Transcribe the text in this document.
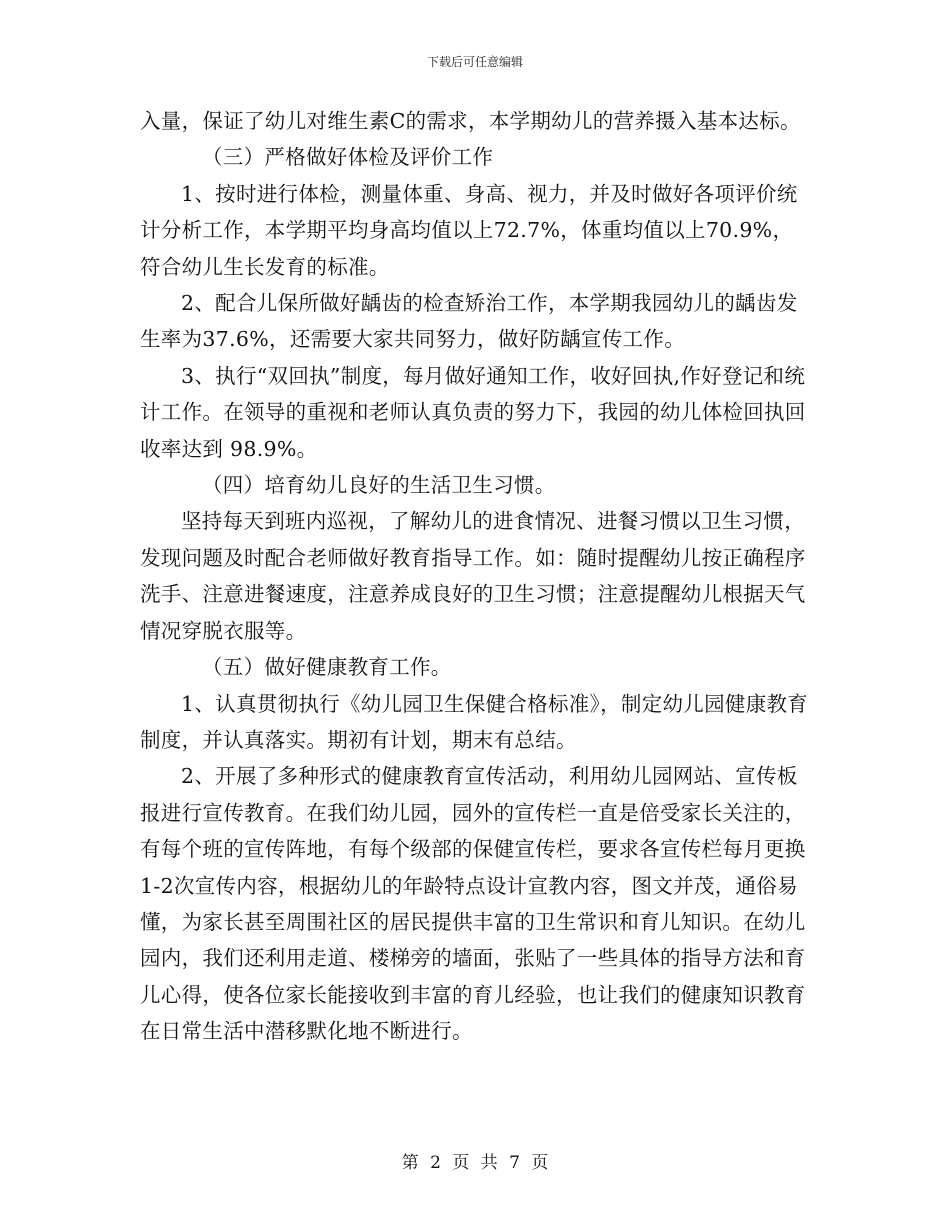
下载后可任意编辑

入量，保证了幼儿对维生素C的需求，本学期幼儿的营养摄入基本达标。

（三）严格做好体检及评价工作

1、按时进行体检，测量体重、身高、视力，并及时做好各项评价统计分析工作，本学期平均身高均值以上72.7%，体重均值以上70.9%，符合幼儿生长发育的标准。

2、配合儿保所做好龋齿的检查矫治工作，本学期我园幼儿的龋齿发生率为37.6%，还需要大家共同努力，做好防龋宣传工作。

3、执行“双回执”制度，每月做好通知工作，收好回执,作好登记和统计工作。在领导的重视和老师认真负责的努力下，我园的幼儿体检回执回收率达到 98.9%。

（四）培育幼儿良好的生活卫生习惯。

坚持每天到班内巡视，了解幼儿的进食情况、进餐习惯以卫生习惯，发现问题及时配合老师做好教育指导工作。如：随时提醒幼儿按正确程序洗手、注意进餐速度，注意养成良好的卫生习惯；注意提醒幼儿根据天气情况穿脱衣服等。

（五）做好健康教育工作。

1、认真贯彻执行《幼儿园卫生保健合格标准》，制定幼儿园健康教育制度，并认真落实。期初有计划，期末有总结。

2、开展了多种形式的健康教育宣传活动，利用幼儿园网站、宣传板报进行宣传教育。在我们幼儿园，园外的宣传栏一直是倍受家长关注的，有每个班的宣传阵地，有每个级部的保健宣传栏，要求各宣传栏每月更换1-2次宣传内容，根据幼儿的年龄特点设计宣教内容，图文并茂，通俗易懂，为家长甚至周围社区的居民提供丰富的卫生常识和育儿知识。在幼儿园内，我们还利用走道、楼梯旁的墙面，张贴了一些具体的指导方法和育儿心得，使各位家长能接收到丰富的育儿经验，也让我们的健康知识教育在日常生活中潜移默化地不断进行。

第 2 页 共 7 页
